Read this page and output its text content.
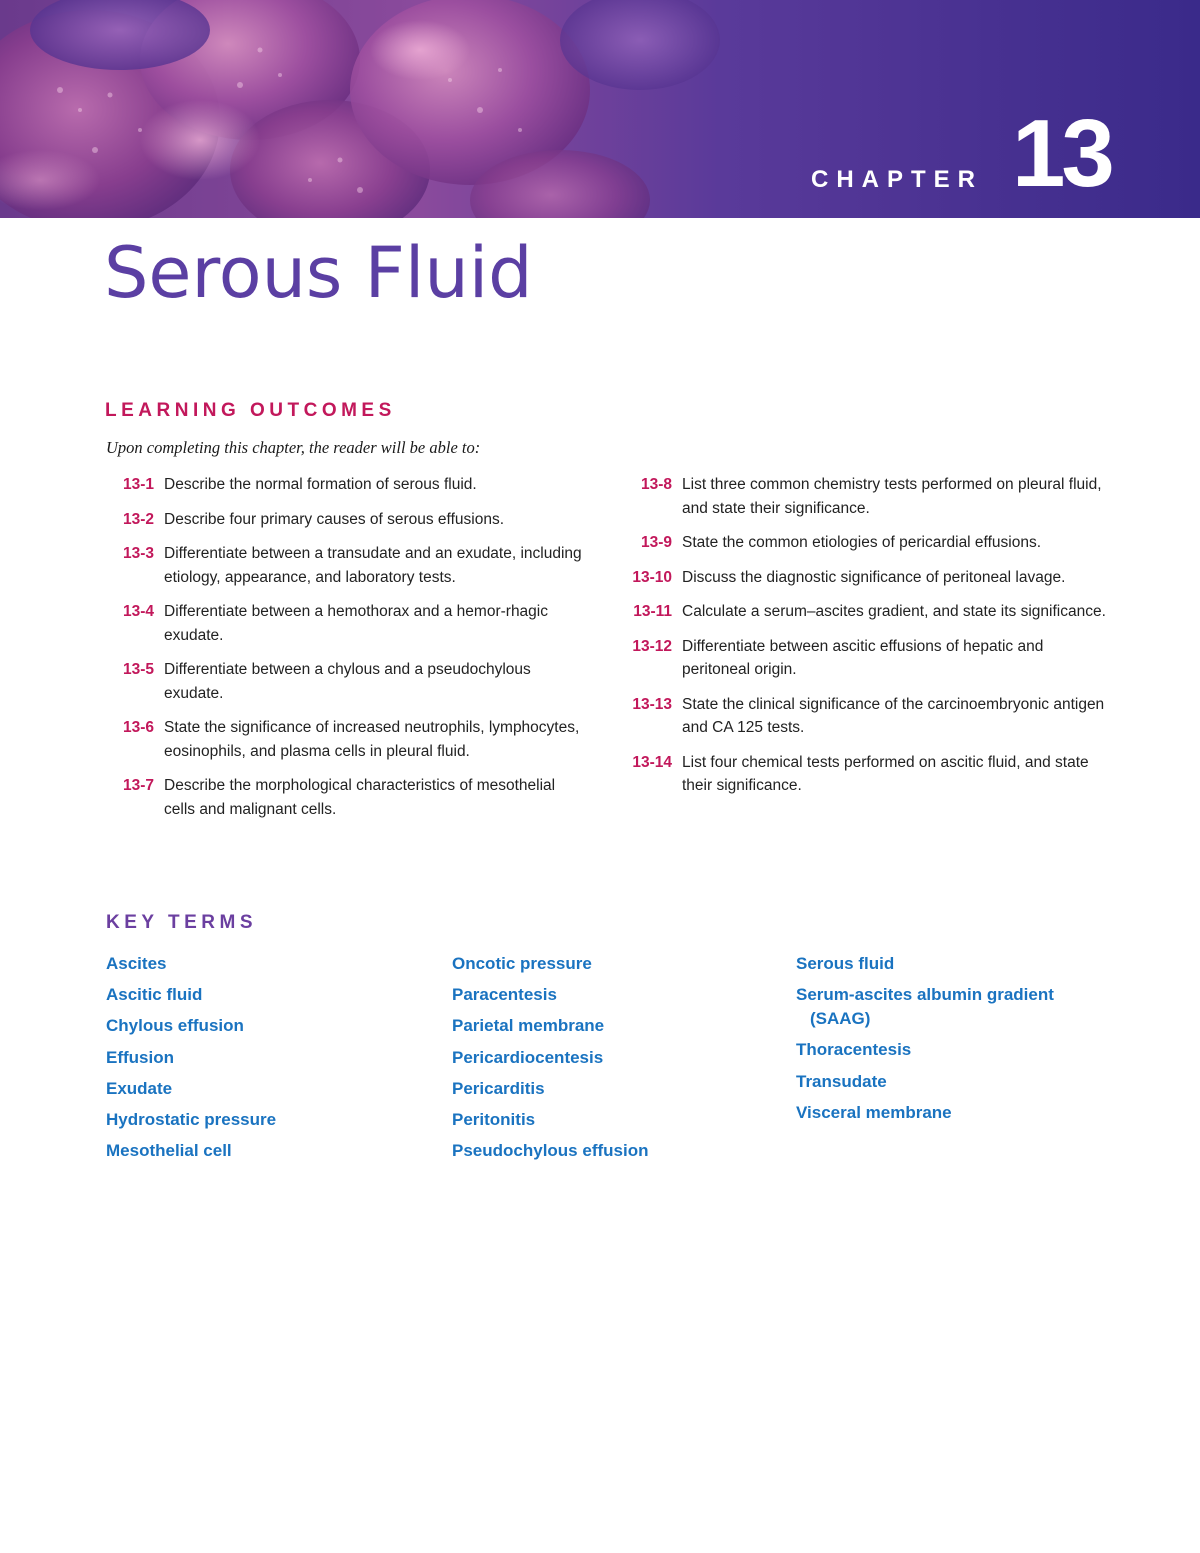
CHAPTER 13
Serous Fluid
LEARNING OUTCOMES
Upon completing this chapter, the reader will be able to:
13-1 Describe the normal formation of serous fluid.
13-2 Describe four primary causes of serous effusions.
13-3 Differentiate between a transudate and an exudate, including etiology, appearance, and laboratory tests.
13-4 Differentiate between a hemothorax and a hemor-rhagic exudate.
13-5 Differentiate between a chylous and a pseudochylous exudate.
13-6 State the significance of increased neutrophils, lymphocytes, eosinophils, and plasma cells in pleural fluid.
13-7 Describe the morphological characteristics of mesothelial cells and malignant cells.
13-8 List three common chemistry tests performed on pleural fluid, and state their significance.
13-9 State the common etiologies of pericardial effusions.
13-10 Discuss the diagnostic significance of peritoneal lavage.
13-11 Calculate a serum–ascites gradient, and state its significance.
13-12 Differentiate between ascitic effusions of hepatic and peritoneal origin.
13-13 State the clinical significance of the carcinoembryonic antigen and CA 125 tests.
13-14 List four chemical tests performed on ascitic fluid, and state their significance.
KEY TERMS
Ascites
Ascitic fluid
Chylous effusion
Effusion
Exudate
Hydrostatic pressure
Mesothelial cell
Oncotic pressure
Paracentesis
Parietal membrane
Pericardiocentesis
Pericarditis
Peritonitis
Pseudochylous effusion
Serous fluid
Serum-ascites albumin gradient
(SAAG)
Thoracentesis
Transudate
Visceral membrane
